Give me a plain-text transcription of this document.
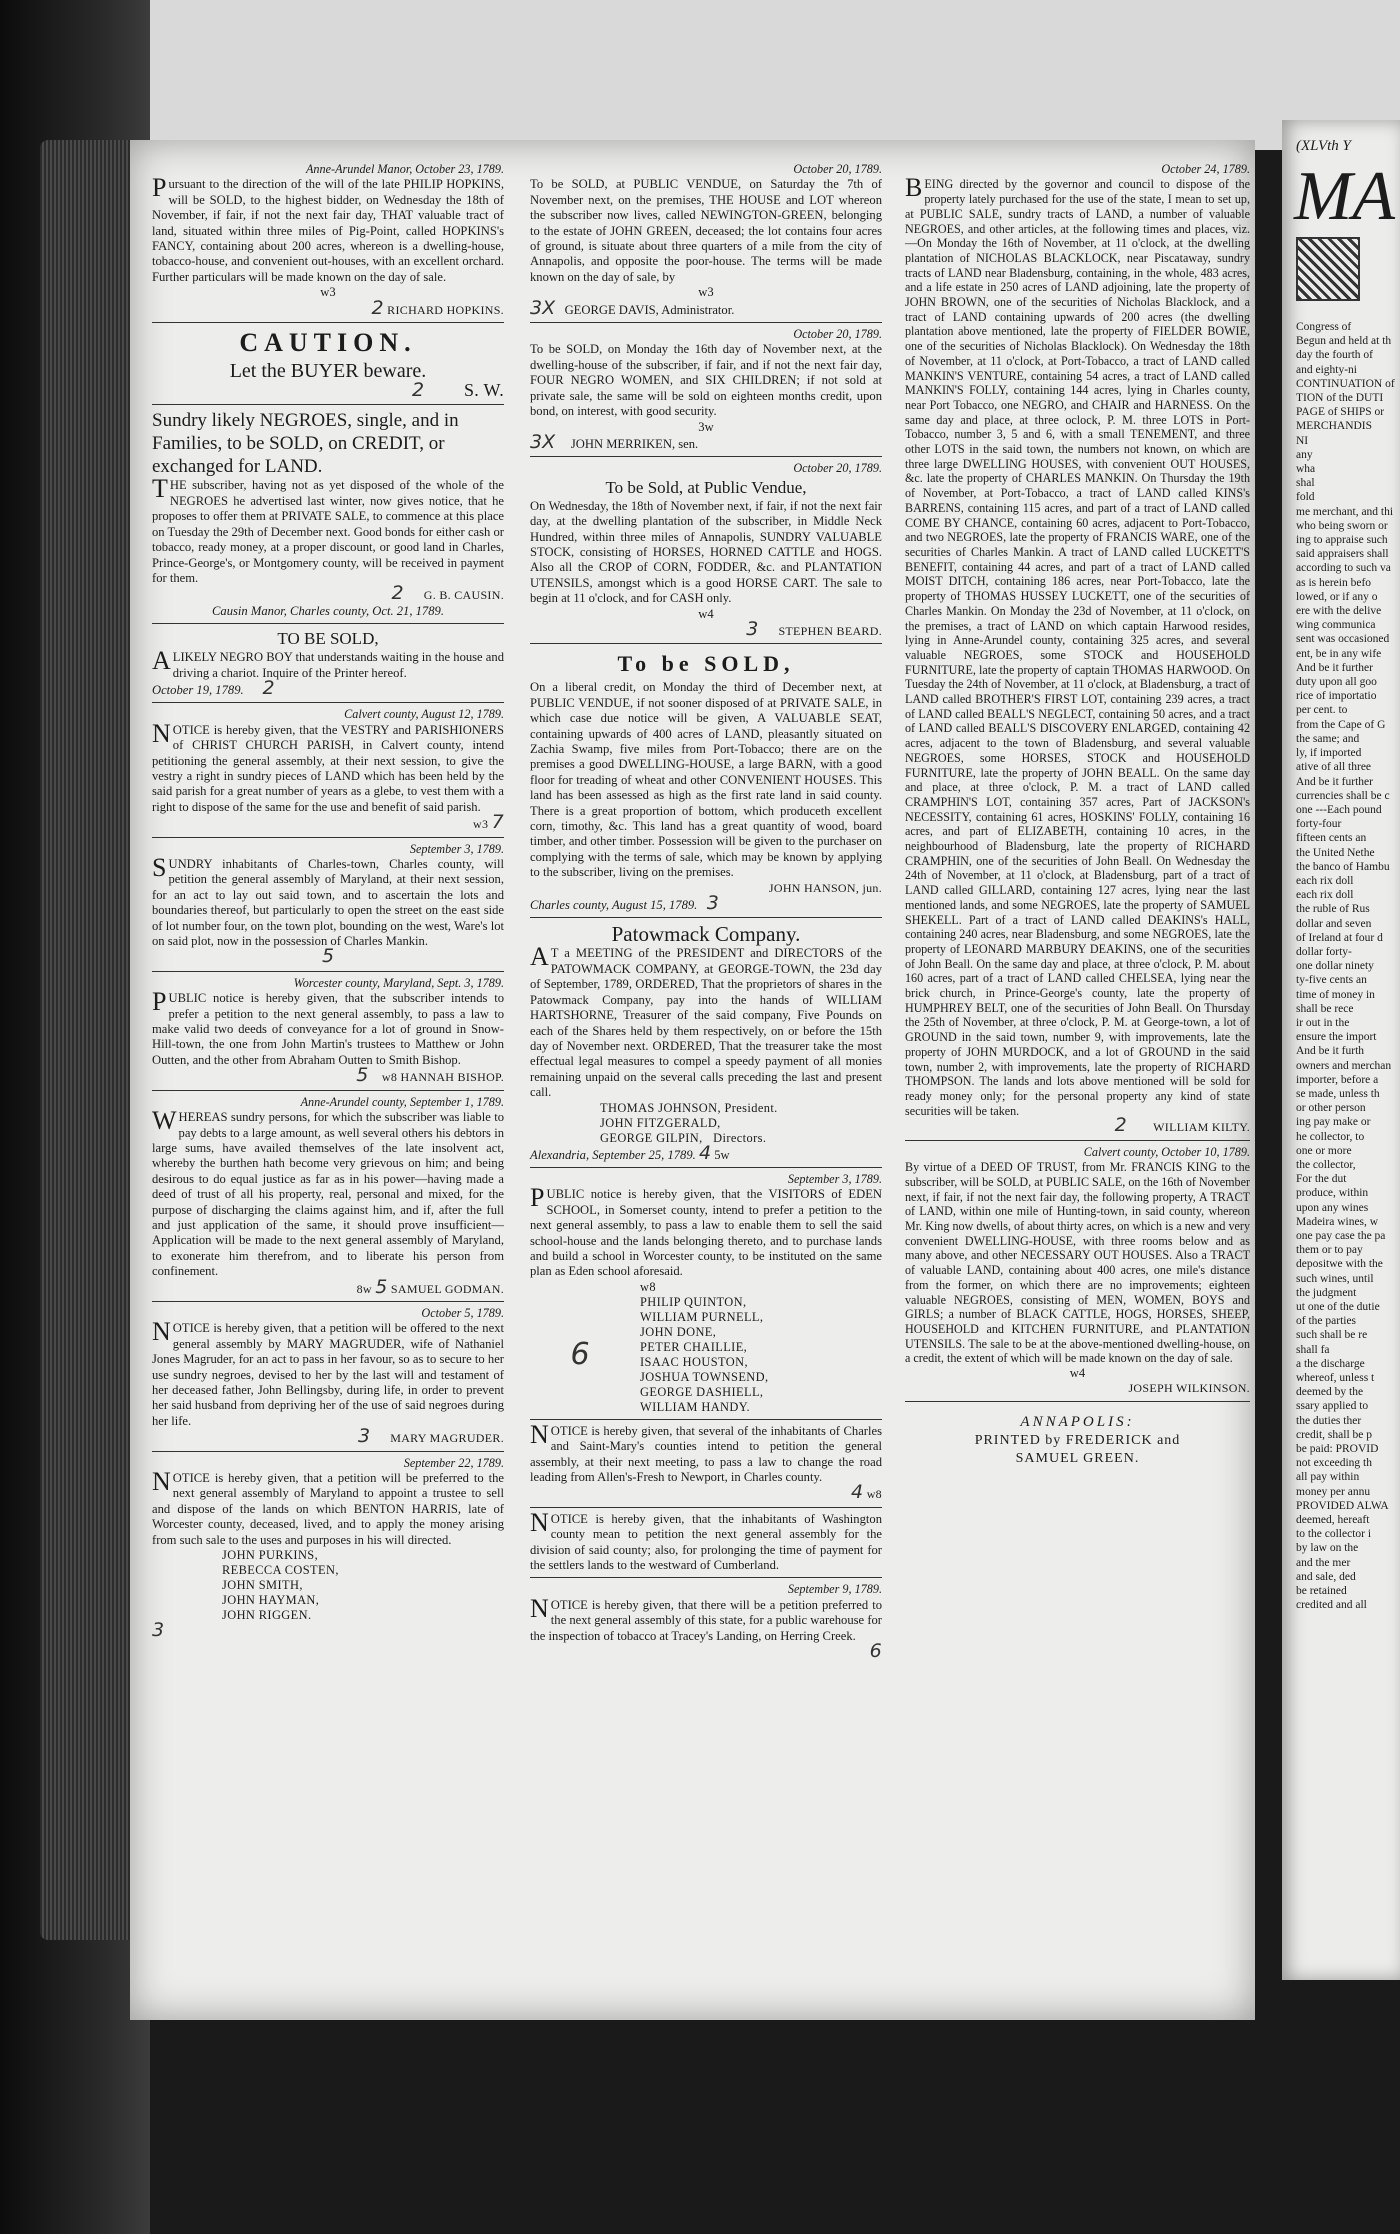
Anne-Arundel Manor, October 23, 1789.
Pursuant to the direction of the will of the late PHILIP HOPKINS, will be SOLD, to the highest bidder, on Wednesday the 18th of November, if fair, if not the next fair day, THAT valuable tract of land, situated within three miles of Pig-Point, called HOPKINS's FANCY, containing about 200 acres, whereon is a dwelling-house, tobacco-house, and convenient out-houses, with an excellent orchard. Further particulars will be made known on the day of sale.
w3
2 RICHARD HOPKINS.
CAUTION.
Let the BUYER beware.
2 S. W.
Sundry likely NEGROES, single, and in Families, to be SOLD, on CREDIT, or exchanged for LAND.
THE subscriber, having not as yet disposed of the whole of the NEGROES he advertised last winter, now gives notice, that he proposes to offer them at PRIVATE SALE, to commence at this place on Tuesday the 29th of December next. Good bonds for either cash or tobacco, ready money, at a proper discount, or good land in Charles, Prince-George's, or Montgomery county, will be received in payment for them.
2 G. B. CAUSIN.
Causin Manor, Charles county, Oct. 21, 1789.
TO BE SOLD,
ALIKELY NEGRO BOY that understands waiting in the house and driving a chariot. Inquire of the Printer hereof.
October 19, 1789. 2
Calvert county, August 12, 1789.
NOTICE is hereby given, that the VESTRY and PARISHIONERS of CHRIST CHURCH PARISH, in Calvert county, intend petitioning the general assembly, at their next session, to give the vestry a right in sundry pieces of LAND which has been held by the said parish for a great number of years as a glebe, to vest them with a right to dispose of the same for the use and benefit of said parish.
w3 7
September 3, 1789.
SUNDRY inhabitants of Charles-town, Charles county, will petition the general assembly of Maryland, at their next session, for an act to lay out said town, and to ascertain the lots and boundaries thereof, but particularly to open the street on the east side of lot number four, on the town plot, bounding on the west, Ware's lot on said plot, now in the possession of Charles Mankin.
5
Worcester county, Maryland, Sept. 3, 1789.
PUBLIC notice is hereby given, that the subscriber intends to prefer a petition to the next general assembly, to pass a law to make valid two deeds of conveyance for a lot of ground in Snow-Hill-town, the one from John Martin's trustees to Matthew or John Outten, and the other from Abraham Outten to Smith Bishop.
5 w8 HANNAH BISHOP.
Anne-Arundel county, September 1, 1789.
WHEREAS sundry persons, for which the subscriber was liable to pay debts to a large amount, as well several others his debtors in large sums, have availed themselves of the late insolvent act, whereby the burthen hath become very grievous on him; and being desirous to do equal justice as far as in his power—having made a deed of trust of all his property, real, personal and mixed, for the purpose of discharging the claims against him, and if, after the full and just application of the same, it should prove insufficient—Application will be made to the next general assembly of Maryland, to exonerate him therefrom, and to liberate his person from confinement.
8w 5 SAMUEL GODMAN.
October 5, 1789.
NOTICE is hereby given, that a petition will be offered to the next general assembly by MARY MAGRUDER, wife of Nathaniel Jones Magruder, for an act to pass in her favour, so as to secure to her use sundry negroes, devised to her by the last will and testament of her deceased father, John Bellingsby, during life, in order to prevent her said husband from depriving her of the use of said negroes during her life.
3 MARY MAGRUDER.
September 22, 1789.
NOTICE is hereby given, that a petition will be preferred to the next general assembly of Maryland to appoint a trustee to sell and dispose of the lands on which BENTON HARRIS, late of Worcester county, deceased, lived, and to apply the money arising from such sale to the uses and purposes in his will directed.
JOHN PURKINS,
REBECCA COSTEN,
JOHN SMITH,
JOHN HAYMAN,
JOHN RIGGEN.
3
October 20, 1789.
To be SOLD, at PUBLIC VENDUE, on Saturday the 7th of November next, on the premises, THE HOUSE and LOT whereon the subscriber now lives, called NEWINGTON-GREEN, belonging to the estate of JOHN GREEN, deceased; the lot contains four acres of ground, is situate about three quarters of a mile from the city of Annapolis, and opposite the poor-house. The terms will be made known on the day of sale, by
w3
3X GEORGE DAVIS, Administrator.
October 20, 1789.
To be SOLD, on Monday the 16th day of November next, at the dwelling-house of the subscriber, if fair, and if not the next fair day, FOUR NEGRO WOMEN, and SIX CHILDREN; if not sold at private sale, the same will be sold on eighteen months credit, upon bond, on interest, with good security.
3w
3X JOHN MERRIKEN, sen.
October 20, 1789.
To be Sold, at Public Vendue,
On Wednesday, the 18th of November next, if fair, if not the next fair day, at the dwelling plantation of the subscriber, in Middle Neck Hundred, within three miles of Annapolis, SUNDRY VALUABLE STOCK, consisting of HORSES, HORNED CATTLE and HOGS. Also all the CROP of CORN, FODDER, &c. and PLANTATION UTENSILS, amongst which is a good HORSE CART. The sale to begin at 11 o'clock, and for CASH only.
w4
3 STEPHEN BEARD.
To be SOLD,
On a liberal credit, on Monday the third of December next, at PUBLIC VENDUE, if not sooner disposed of at PRIVATE SALE, in which case due notice will be given, A VALUABLE SEAT, containing upwards of 400 acres of LAND, pleasantly situated on Zachia Swamp, five miles from Port-Tobacco; there are on the premises a good DWELLING-HOUSE, a large BARN, with a good floor for treading of wheat and other CONVENIENT HOUSES. This land has been assessed as high as the first rate land in said county. There is a great proportion of bottom, which produceth excellent corn, timothy, &c. This land has a great quantity of wood, board timber, and other timber. Possession will be given to the purchaser on complying with the terms of sale, which may be known by applying to the subscriber, living on the premises.
JOHN HANSON, jun.
Charles county, August 15, 1789. 3
Patowmack Company.
AT a MEETING of the PRESIDENT and DIRECTORS of the PATOWMACK COMPANY, at GEORGE-TOWN, the 23d day of September, 1789, ORDERED, That the proprietors of shares in the Patowmack Company, pay into the hands of WILLIAM HARTSHORNE, Treasurer of the said company, Five Pounds on each of the Shares held by them respectively, on or before the 15th day of November next. ORDERED, That the treasurer take the most effectual legal measures to compel a speedy payment of all monies remaining unpaid on the several calls preceding the last and present call.
THOMAS JOHNSON, President.
JOHN FITZGERALD,
GEORGE GILPIN, Directors.
Alexandria, September 25, 1789. 4 5w
September 3, 1789.
PUBLIC notice is hereby given, that the VISITORS of EDEN SCHOOL, in Somerset county, intend to prefer a petition to the next general assembly, to pass a law to enable them to sell the said school-house and the lands belonging thereto, and to purchase lands and build a school in Worcester county, to be instituted on the same plan as Eden school aforesaid.
w8
6
PHILIP QUINTON,
WILLIAM PURNELL,
JOHN DONE,
PETER CHAILLIE,
ISAAC HOUSTON,
JOSHUA TOWNSEND,
GEORGE DASHIELL,
WILLIAM HANDY.
NOTICE is hereby given, that several of the inhabitants of Charles and Saint-Mary's counties intend to petition the general assembly, at their next meeting, to pass a law to change the road leading from Allen's-Fresh to Newport, in Charles county.
4 w8
NOTICE is hereby given, that the inhabitants of Washington county mean to petition the next general assembly for the division of said county; also, for prolonging the time of payment for the settlers lands to the westward of Cumberland.
September 9, 1789.
NOTICE is hereby given, that there will be a petition preferred to the next general assembly of this state, for a public warehouse for the inspection of tobacco at Tracey's Landing, on Herring Creek.
6
October 24, 1789.
BEING directed by the governor and council to dispose of the property lately purchased for the use of the state, I mean to set up, at PUBLIC SALE, sundry tracts of LAND, a number of valuable NEGROES, and other articles, at the following times and places, viz.—On Monday the 16th of November, at 11 o'clock, at the dwelling plantation of NICHOLAS BLACKLOCK, near Piscataway, sundry tracts of LAND near Bladensburg, containing, in the whole, 483 acres, and a life estate in 250 acres of LAND adjoining, late the property of JOHN BROWN, one of the securities of Nicholas Blacklock, and a tract of LAND containing upwards of 200 acres (the dwelling plantation above mentioned, late the property of FIELDER BOWIE, one of the securities of Nicholas Blacklock). On Wednesday the 18th of November, at 11 o'clock, at Port-Tobacco, a tract of LAND called MANKIN'S VENTURE, containing 54 acres, a tract of LAND called MANKIN'S FOLLY, containing 144 acres, lying in Charles county, near Port Tobacco, one NEGRO, and CHAIR and HARNESS. On the same day and place, at three oclock, P. M. three LOTS in Port-Tobacco, number 3, 5 and 6, with a small TENEMENT, and three other LOTS in the said town, the numbers not known, on which are three large DWELLING HOUSES, with convenient OUT HOUSES, &c. late the property of CHARLES MANKIN. On Thursday the 19th of November, at Port-Tobacco, a tract of LAND called KINS's BARRENS, containing 115 acres, and part of a tract of LAND called COME BY CHANCE, containing 60 acres, adjacent to Port-Tobacco, and two NEGROES, late the property of FRANCIS WARE, one of the securities of Charles Mankin. A tract of LAND called LUCKETT'S BENEFIT, containing 44 acres, and part of a tract of LAND called MOIST DITCH, containing 186 acres, near Port-Tobacco, late the property of THOMAS HUSSEY LUCKETT, one of the securities of Charles Mankin. On Monday the 23d of November, at 11 o'clock, on the premises, a tract of LAND on which captain Harwood resides, lying in Anne-Arundel county, containing 325 acres, and several valuable NEGROES, some STOCK and HOUSEHOLD FURNITURE, late the property of captain THOMAS HARWOOD. On Tuesday the 24th of November, at 11 o'clock, at Bladensburg, a tract of LAND called BROTHER'S FIRST LOT, containing 239 acres, a tract of LAND called BEALL'S NEGLECT, containing 50 acres, and a tract of LAND called BEALL'S DISCOVERY ENLARGED, containing 42 acres, adjacent to the town of Bladensburg, and several valuable NEGROES, some HORSES, STOCK and HOUSEHOLD FURNITURE, late the property of JOHN BEALL. On the same day and place, at three o'clock, P. M. a tract of LAND called CRAMPHIN'S LOT, containing 357 acres, Part of JACKSON's NECESSITY, containing 61 acres, HOSKINS' FOLLY, containing 16 acres, and part of ELIZABETH, containing 10 acres, in the neighbourhood of Bladensburg, late the property of RICHARD CRAMPHIN, one of the securities of John Beall. On Wednesday the 24th of November, at 11 o'clock, at Bladensburg, part of a tract of LAND called GILLARD, containing 127 acres, lying near the last mentioned lands, and some NEGROES, late the property of SAMUEL SHEKELL. Part of a tract of LAND called DEAKINS's HALL, containing 240 acres, near Bladensburg, and some NEGROES, late the property of LEONARD MARBURY DEAKINS, one of the securities of John Beall. On the same day and place, at three o'clock, P. M. about 160 acres, part of a tract of LAND called CHELSEA, lying near the brick church, in Prince-George's county, late the property of HUMPHREY BELT, one of the securities of John Beall. On Thursday the 25th of November, at three o'clock, P. M. at George-town, a lot of GROUND in the said town, number 9, with improvements, late the property of JOHN MURDOCK, and a lot of GROUND in the said town, number 2, with improvements, late the property of RICHARD THOMPSON. The lands and lots above mentioned will be sold for ready money only; for the personal property any kind of state securities will be taken.
2 WILLIAM KILTY.
Calvert county, October 10, 1789.
By virtue of a DEED OF TRUST, from Mr. FRANCIS KING to the subscriber, will be SOLD, at PUBLIC SALE, on the 16th of November next, if fair, if not the next fair day, the following property, A TRACT of LAND, within one mile of Hunting-town, in said county, whereon Mr. King now dwells, of about thirty acres, on which is a new and very convenient DWELLING-HOUSE, with three rooms below and as many above, and other NECESSARY OUT HOUSES. Also a TRACT of valuable LAND, containing about 400 acres, one mile's distance from the former, on which there are no improvements; eighteen valuable NEGROES, consisting of MEN, WOMEN, BOYS and GIRLS; a number of BLACK CATTLE, HOGS, HORSES, SHEEP, HOUSEHOLD and KITCHEN FURNITURE, and PLANTATION UTENSILS. The sale to be at the above-mentioned dwelling-house, on a credit, the extent of which will be made known on the day of sale.
w4
JOSEPH WILKINSON.
ANNAPOLIS:
PRINTED by FREDERICK and
SAMUEL GREEN.
(XLVth Y
MA
Congress of
Begun and held at th
day the fourth of
and eighty-ni
CONTINUATION of
TION of the DUTI
PAGE of SHIPS or
MERCHANDIS
NI
any
wha
shal
fold
me merchant, and thi
who being sworn or
ing to appraise such
said appraisers shall
according to such va
as is herein befo
lowed, or if any o
ere with the delive
wing communica
sent was occasioned
ent, be in any wife
And be it further
duty upon all goo
rice of importatio
per cent. to
from the Cape of G
the same; and
ly, if imported
ative of all three
And be it further
currencies shall be c
one ---Each pound
forty-four
fifteen cents an
the United Nethe
the banco of Hambu
each rix doll
each rix doll
the ruble of Rus
dollar and seven
of Ireland at four d
dollar forty-
one dollar ninety
ty-five cents an
time of money in
shall be rece
ir out in the
ensure the import
And be it furth
owners and merchan
importer, before a
se made, unless th
or other person
ing pay make or
he collector, to
one or more
the collector,
For the dut
produce, within
upon any wines
Madeira wines, w
one pay case the pa
them or to pay
depositwe with the
such wines, until
the judgment
ut one of the dutie
of the parties
such shall be re
shall fa
a the discharge
whereof, unless t
deemed by the
ssary applied to
the duties ther
credit, shall be p
be paid: PROVID
not exceeding th
all pay within
money per annu
PROVIDED ALWA
deemed, hereaft
to the collector i
by law on the
and the mer
and sale, ded
be retained
credited and all
